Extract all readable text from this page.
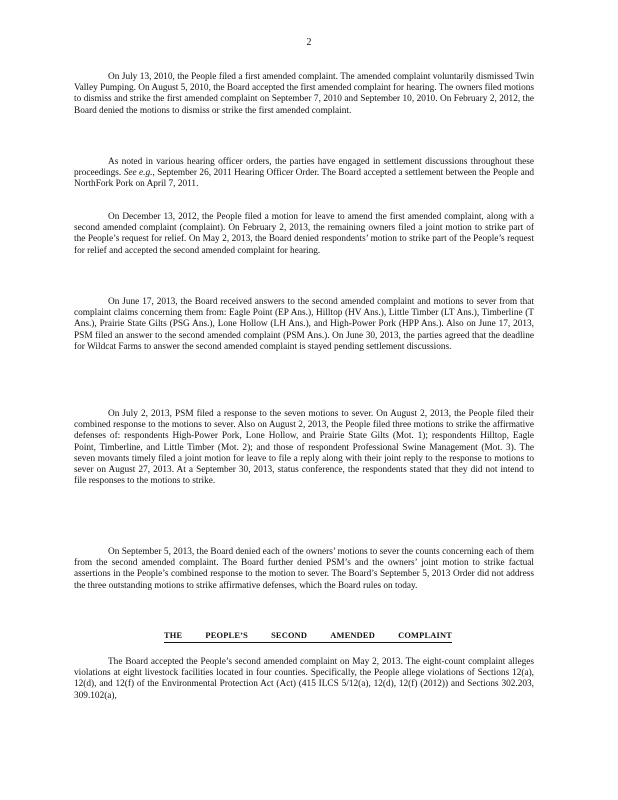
2

On July 13, 2010, the People filed a first amended complaint. The amended complaint voluntarily dismissed Twin Valley Pumping. On August 5, 2010, the Board accepted the first amended complaint for hearing. The owners filed motions to dismiss and strike the first amended complaint on September 7, 2010 and September 10, 2010. On February 2, 2012, the Board denied the motions to dismiss or strike the first amended complaint.

As noted in various hearing officer orders, the parties have engaged in settlement discussions throughout these proceedings. See e.g., September 26, 2011 Hearing Officer Order. The Board accepted a settlement between the People and NorthFork Pork on April 7, 2011.

On December 13, 2012, the People filed a motion for leave to amend the first amended complaint, along with a second amended complaint (complaint). On February 2, 2013, the remaining owners filed a joint motion to strike part of the People’s request for relief. On May 2, 2013, the Board denied respondents’ motion to strike part of the People’s request for relief and accepted the second amended complaint for hearing.

On June 17, 2013, the Board received answers to the second amended complaint and motions to sever from that complaint claims concerning them from: Eagle Point (EP Ans.), Hilltop (HV Ans.), Little Timber (LT Ans.), Timberline (T Ans.), Prairie State Gilts (PSG Ans.), Lone Hollow (LH Ans.), and High-Power Pork (HPP Ans.). Also on June 17, 2013, PSM filed an answer to the second amended complaint (PSM Ans.). On June 30, 2013, the parties agreed that the deadline for Wildcat Farms to answer the second amended complaint is stayed pending settlement discussions.

On July 2, 2013, PSM filed a response to the seven motions to sever. On August 2, 2013, the People filed their combined response to the motions to sever. Also on August 2, 2013, the People filed three motions to strike the affirmative defenses of: respondents High-Power Pork, Lone Hollow, and Prairie State Gilts (Mot. 1); respondents Hilltop, Eagle Point, Timberline, and Little Timber (Mot. 2); and those of respondent Professional Swine Management (Mot. 3). The seven movants timely filed a joint motion for leave to file a reply along with their joint reply to the response to motions to sever on August 27, 2013. At a September 30, 2013, status conference, the respondents stated that they did not intend to file responses to the motions to strike.

On September 5, 2013, the Board denied each of the owners’ motions to sever the counts concerning each of them from the second amended complaint. The Board further denied PSM’s and the owners’ joint motion to strike factual assertions in the People’s combined response to the motion to sever. The Board’s September 5, 2013 Order did not address the three outstanding motions to strike affirmative defenses, which the Board rules on today.

THE	PEOPLE’S	SECOND	AMENDED	COMPLAINT

The Board accepted the People’s second amended complaint on May 2, 2013. The eight-count complaint alleges violations at eight livestock facilities located in four counties. Specifically, the People allege violations of Sections 12(a), 12(d), and 12(f) of the Environmental Protection Act (Act) (415 ILCS 5/12(a), 12(d), 12(f) (2012)) and Sections 302.203, 309.102(a),
